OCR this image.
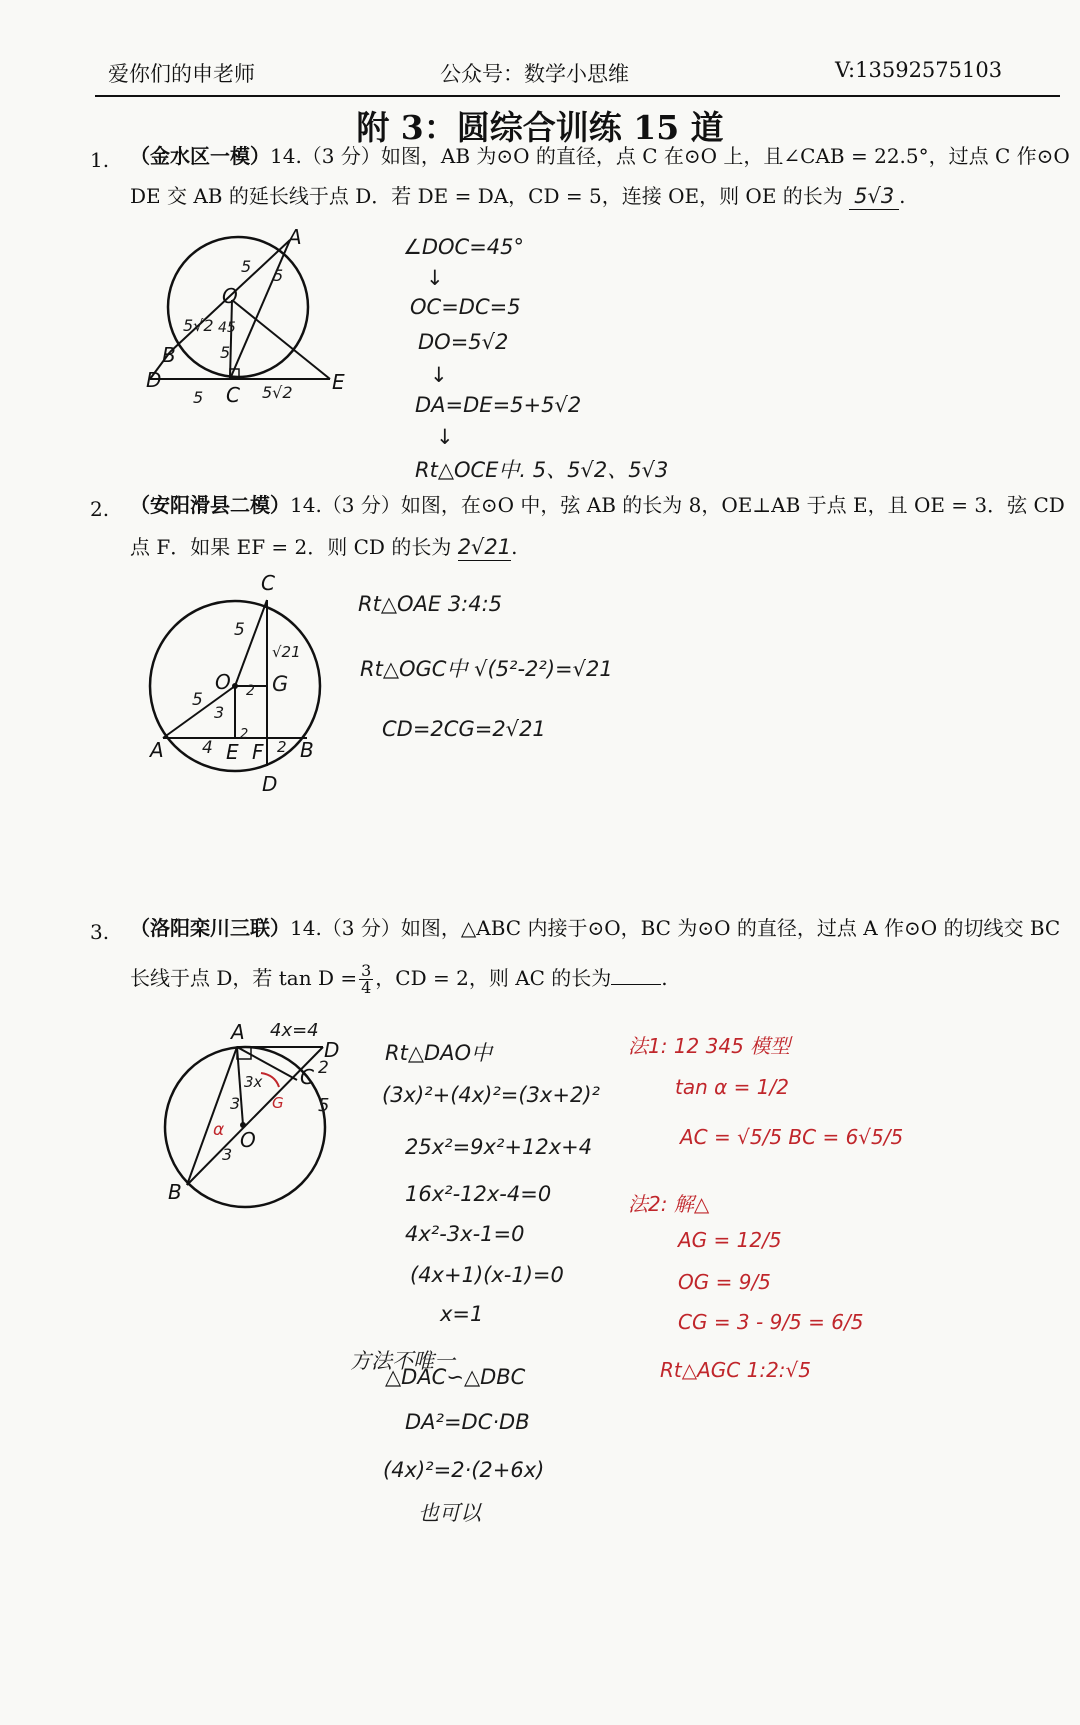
爱你们的申老师	公众号：数学小思维	V:13592575103
附 3：圆综合训练 15 道
1. （金水区一模）14.（3 分）如图，AB 为⊙O 的直径，点 C 在⊙O 上，且∠CAB = 22.5°，过点 C 作⊙O
DE 交 AB 的延长线于点 D．若 DE = DA，CD = 5，连接 OE，则 OE 的长为 5√3 .
A
O
B
D
C
E
5 5
5√2 45
5√2
5
5
∠DOC=45°
↓
OC=DC=5
DO=5√2
↓
DA=DE=5+5√2
↓
Rt△OCE中. 5、5√2、5√3
2. （安阳滑县二模）14.（3 分）如图，在⊙O 中，弦 AB 的长为 8，OE⊥AB 于点 E，且 OE = 3．弦 CD
点 F．如果 EF = 2．则 CD 的长为 2√21.
C
O G
A	E F B
D
5
5
3
2
√21
4
2
2
Rt△OAE 3:4:5
Rt△OGC中 √(5²-2²)=√21
CD=2CG=2√21
3. （洛阳栾川三联）14.（3 分）如图，△ABC 内接于⊙O，BC 为⊙O 的直径，过点 A 作⊙O 的切线交 BC
长线于点 D，若 $\tan D = \frac{3}{4}$ ，CD = 2，则 AC 的长为	.
A
D
C
O
B
4x=4
2
5
3x
3
3
α
G
Rt△DAO中
(3x)²+(4x)²=(3x+2)²
25x²=9x²+12x+4
16x²-12x-4=0
4x²-3x-1=0
(4x+1)(x-1)=0
x=1
方法不唯一
△DAC∽△DBC
DA²=DC·DB
(4x)²=2·(2+6x)
也可以
法1: 12 345 模型
tan α = 1/2
AC = √5/5 BC = 6√5/5
法2: 解△
AG = 12/5
OG = 9/5
CG = 3 - 9/5 = 6/5
Rt△AGC 1:2:√5
